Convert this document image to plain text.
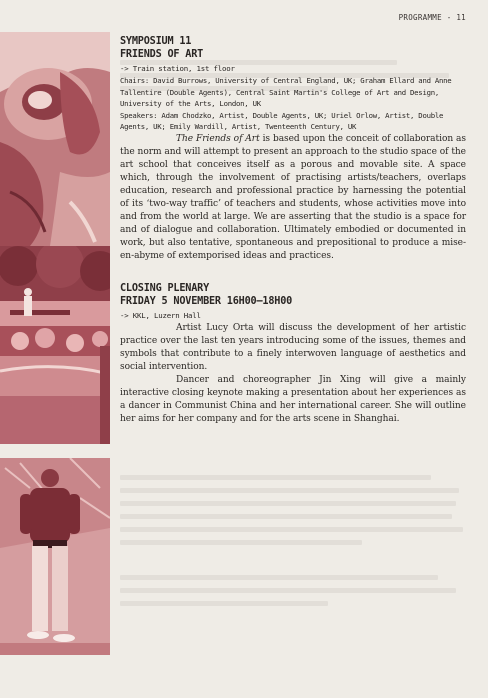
PROGRAMME - 11

SYMPOSIUM 11

FRIENDS OF ART

-> Train station, 1st floor

Chairs: David Burrows, University of Central England, UK; Graham Ellard and Anne Tallentire (Double Agents), Central Saint Martin's College of Art and Design, University of the Arts, London, UK

Speakers: Adam Chodzko, Artist, Double Agents, UK; Uriel Orlow, Artist, Double Agents, UK; Emily Wardill, Artist, Twenteenth Century, UK

The Friends of Art is based upon the conceit of collaboration as the norm and will attempt to present an approach to the studio space of the art school that conceives itself as a porous and movable site. A space which, through the involvement of practising artists/teachers, overlaps education, research and professional practice by harnessing the potential of its ‘two-way traffic’ of teachers and students, whose activities move into and from the world at large. We are asserting that the studio is a space for and of dialogue and collaboration. Ultimately embodied or documented in work, but also tentative, spontaneous and prepositional to produce a mise-en-abyme of extemporised ideas and practices.

CLOSING PLENARY

FRIDAY 5 NOVEMBER 16H00–18H00

-> KKL, Luzern Hall

Artist Lucy Orta will discuss the development of her artistic practice over the last ten years introducing some of the issues, themes and symbols that contribute to a finely interwoven language of aesthetics and social intervention.

Dancer and choreographer Jin Xing will give a mainly interactive closing keynote making a presentation about her experiences as a dancer in Communist China and her international career. She will outline her aims for her company and for the arts scene in Shanghai.
